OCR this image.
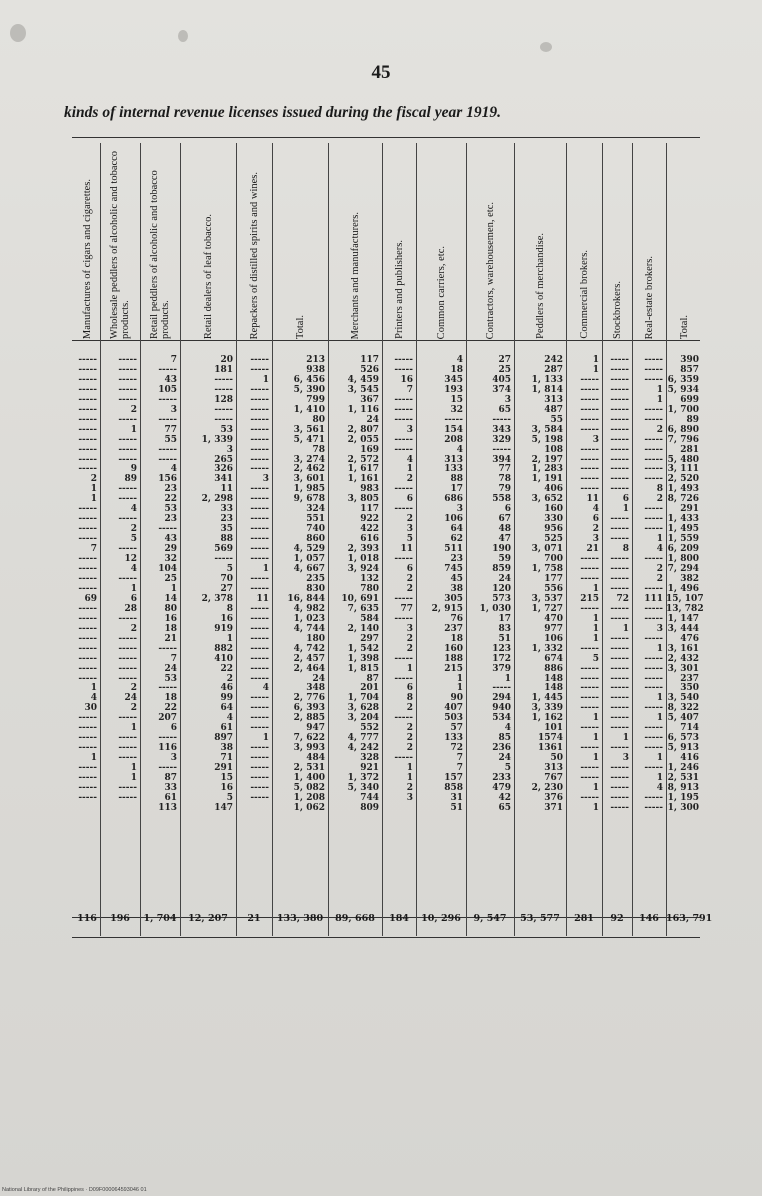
45
kinds of internal revenue licenses issued during the fiscal year 1919.
Manufactures of cigars and cigarettes.
-----
-----
-----
-----
-----
-----
-----
-----
-----
-----
-----
-----
2
1
1
-----
-----
-----
-----
7
-----
-----
-----
-----
69
-----
-----
-----
-----
-----
-----
-----
-----
1
4
30
-----
-----
-----
-----
1
-----
-----
-----
-----
116
Wholesale peddlers of alcoholic and tobacco products.
-----
-----
-----
-----
-----
2
-----
1
-----
-----
-----
9
89
-----
-----
4
-----
2
5
-----
12
4
-----
1
6
28
-----
2
-----
-----
-----
-----
-----
2
24
2
-----
1
-----
-----
-----
1
1
-----
-----
196
Retail peddlers of alcoholic and tobacco products.
7
-----
43
105
-----
3
-----
77
55
-----
-----
4
156
23
22
53
23
-----
43
29
32
104
25
1
14
80
16
18
21
-----
7
24
53
-----
18
22
207
6
-----
116
3
-----
87
33
61
113
1, 704
Retail dealers of leaf tobacco.
20
181
-----
-----
128
-----
-----
53
1, 339
3
265
326
341
11
2, 298
33
23
35
88
569
-----
5
70
27
2, 378
8
16
919
1
882
410
22
2
46
99
64
4
61
897
38
71
291
15
16
5
147
12, 207
Repackers of distilled spirits and wines.
-----
-----
1
-----
-----
-----
-----
-----
-----
-----
-----
-----
3
-----
-----
-----
-----
-----
-----
-----
-----
1
-----
-----
11
-----
-----
-----
-----
-----
-----
-----
-----
4
-----
-----
-----
-----
1
-----
-----
-----
-----
-----
-----
21
Total.
213
938
6, 456
5, 390
799
1, 410
80
3, 561
5, 471
78
3, 274
2, 462
3, 601
1, 985
9, 678
324
551
740
860
4, 529
1, 057
4, 667
235
830
16, 844
4, 982
1, 023
4, 744
180
4, 742
2, 457
2, 464
24
348
2, 776
6, 393
2, 885
947
7, 622
3, 993
484
2, 531
1, 400
5, 082
1, 208
1, 062
133, 380
Merchants and manufacturers.
117
526
4, 459
3, 545
367
1, 116
24
2, 807
2, 055
169
2, 572
1, 617
1, 161
983
3, 805
117
922
422
616
2, 393
1, 018
3, 924
132
780
10, 691
7, 635
584
2, 140
297
1, 542
1, 398
1, 815
87
201
1, 704
3, 628
3, 204
552
4, 777
4, 242
328
921
1, 372
5, 340
744
809
89, 668
Printers and publishers.
-----
-----
16
7
-----
-----
-----
3
-----
-----
4
1
2
-----
6
-----
2
3
5
11
-----
6
2
2
-----
77
-----
3
2
2
-----
1
-----
6
8
2
-----
2
2
2
-----
1
1
2
3
184
Common carriers, etc.
4
18
345
193
15
32
-----
154
208
4
313
133
88
17
686
3
106
64
62
511
23
745
45
38
305
2, 915
76
237
18
160
188
215
1
1
90
407
503
57
133
72
7
7
157
858
31
51
10, 296
Contractors, warehousemen, etc.
27
25
405
374
3
65
-----
343
329
-----
394
77
78
79
558
6
67
48
47
190
59
859
24
120
573
1, 030
17
83
51
123
172
379
1
-----
294
940
534
4
85
236
24
5
233
479
42
65
9, 547
Peddlers of merchandise.
242
287
1, 133
1, 814
313
487
55
3, 584
5, 198
108
2, 197
1, 283
1, 191
406
3, 652
160
330
956
525
3, 071
700
1, 758
177
556
3, 537
1, 727
470
977
106
1, 332
674
886
148
148
1, 445
3, 339
1, 162
101
1574
1361
50
313
767
2, 230
376
371
53, 577
Commercial brokers.
1
1
-----
-----
-----
-----
-----
-----
3
-----
-----
-----
-----
-----
11
4
6
2
3
21
-----
-----
-----
1
215
-----
1
1
1
-----
5
-----
-----
-----
-----
-----
1
-----
1
-----
1
-----
-----
1
-----
1
281
Stockbrokers.
-----
-----
-----
-----
-----
-----
-----
-----
-----
-----
-----
-----
-----
-----
6
1
-----
-----
-----
8
-----
-----
-----
-----
72
-----
-----
1
-----
-----
-----
-----
-----
-----
-----
-----
-----
-----
1
-----
3
-----
-----
-----
-----
-----
92
Real-estate brokers.
-----
-----
-----
1
1
-----
-----
2
-----
-----
-----
-----
-----
8
2
-----
-----
-----
1
4
-----
2
2
-----
111
-----
-----
3
-----
1
-----
-----
-----
-----
1
-----
1
-----
-----
-----
1
-----
1
4
-----
-----
146
Total.
390
857
6, 359
5, 934
699
1, 700
89
6, 890
7, 796
281
5, 480
3, 111
2, 520
1, 493
8, 726
291
1, 433
1, 495
1, 559
6, 209
1, 800
7, 294
382
1, 496
15, 107
13, 782
1, 147
3, 444
476
3, 161
2, 432
3, 301
237
350
3, 540
8, 322
5, 407
714
6, 573
5, 913
416
1, 246
2, 531
8, 913
1, 195
1, 300
163, 791
National Library of the Philippines · D09F000064593046 01
